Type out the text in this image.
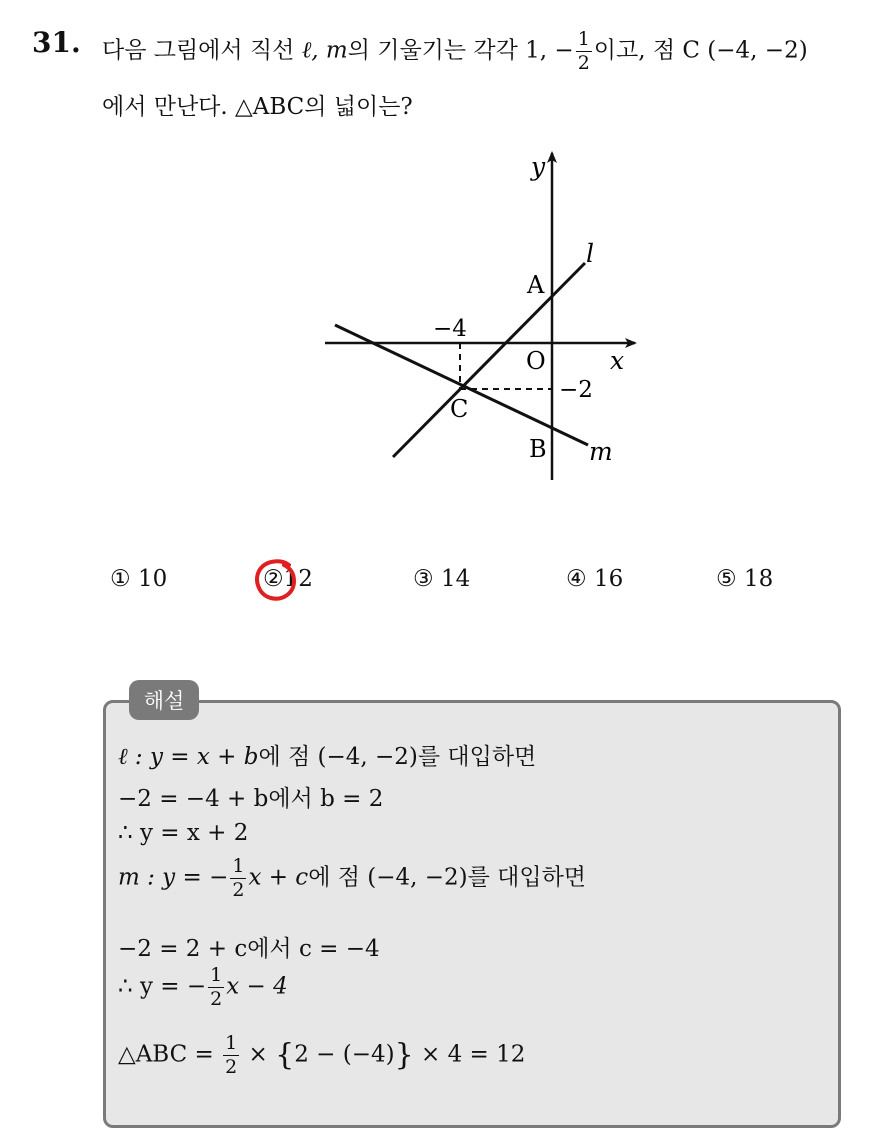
31. 다음 그림에서 직선 ℓ, m의 기울기는 각각 1, − $\frac{1}{2}$ 이고, 점 C (−4, −2)
에서 만난다. △ABC의 넓이는?
y
x
O
A
B
C
l
m
−4
−2
① 10	②12	③ 14	④ 16	⑤ 18
해설
ℓ : y = x + b에 점 (−4, −2)를 대입하면
−2 = −4 + b에서 b = 2
∴ y = x + 2
m : y = − $\frac{1}{2}$ x + c에 점 (−4, −2)를 대입하면
−2 = 2 + c에서 c = −4
∴ y = − $\frac{1}{2}$ x − 4
△ABC = $\frac{1}{2} \times \{2 - (-4)\} \times 4 = 12$
